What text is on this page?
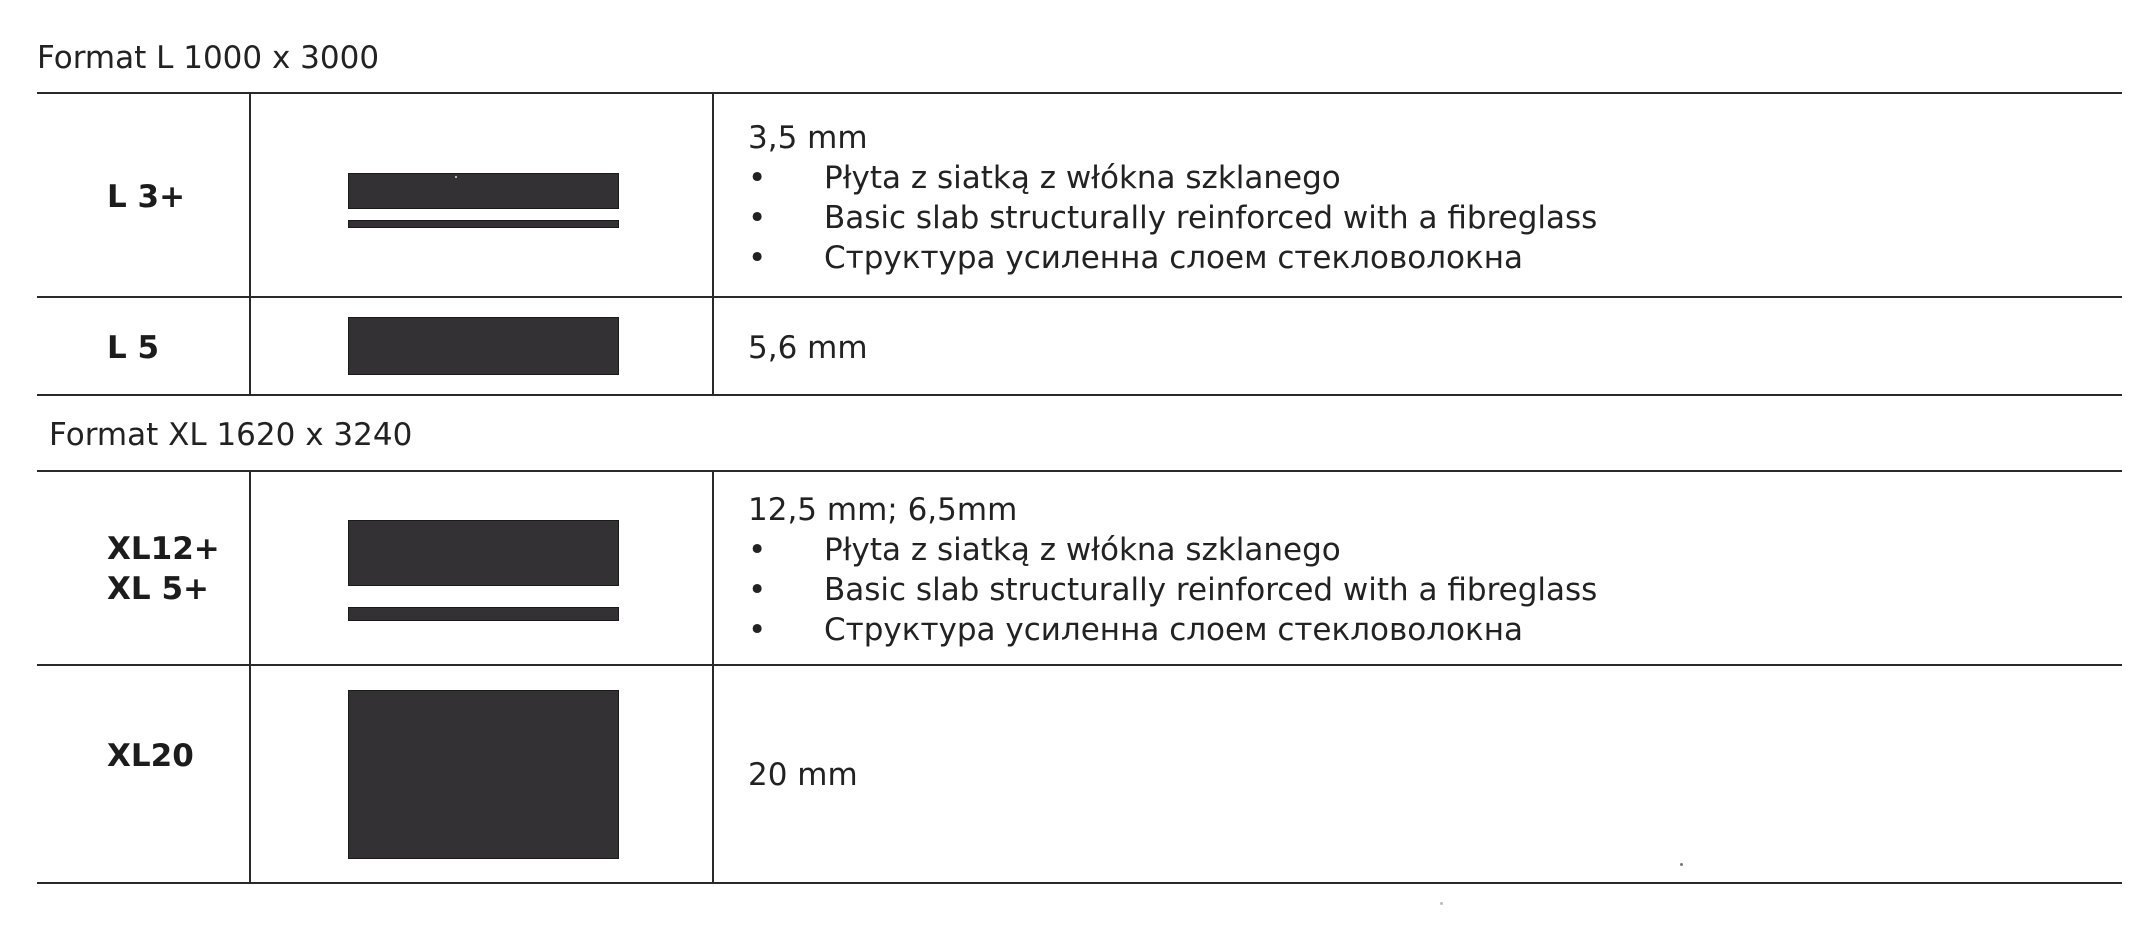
Format L 1000 x 3000
L 3+
3,5 mm
• Płyta z siatką z włókna szklanego
• Basic slab structurally reinforced with a fibreglass
• Структура усиленна слоем стекловолокна
L 5	5,6 mm
Format XL 1620 x 3240
XL12+
XL 5+
12,5 mm; 6,5mm
• Płyta z siatką z włókna szklanego
• Basic slab structurally reinforced with a fibreglass
• Структура усиленна слоем стекловолокна
XL20
20 mm
